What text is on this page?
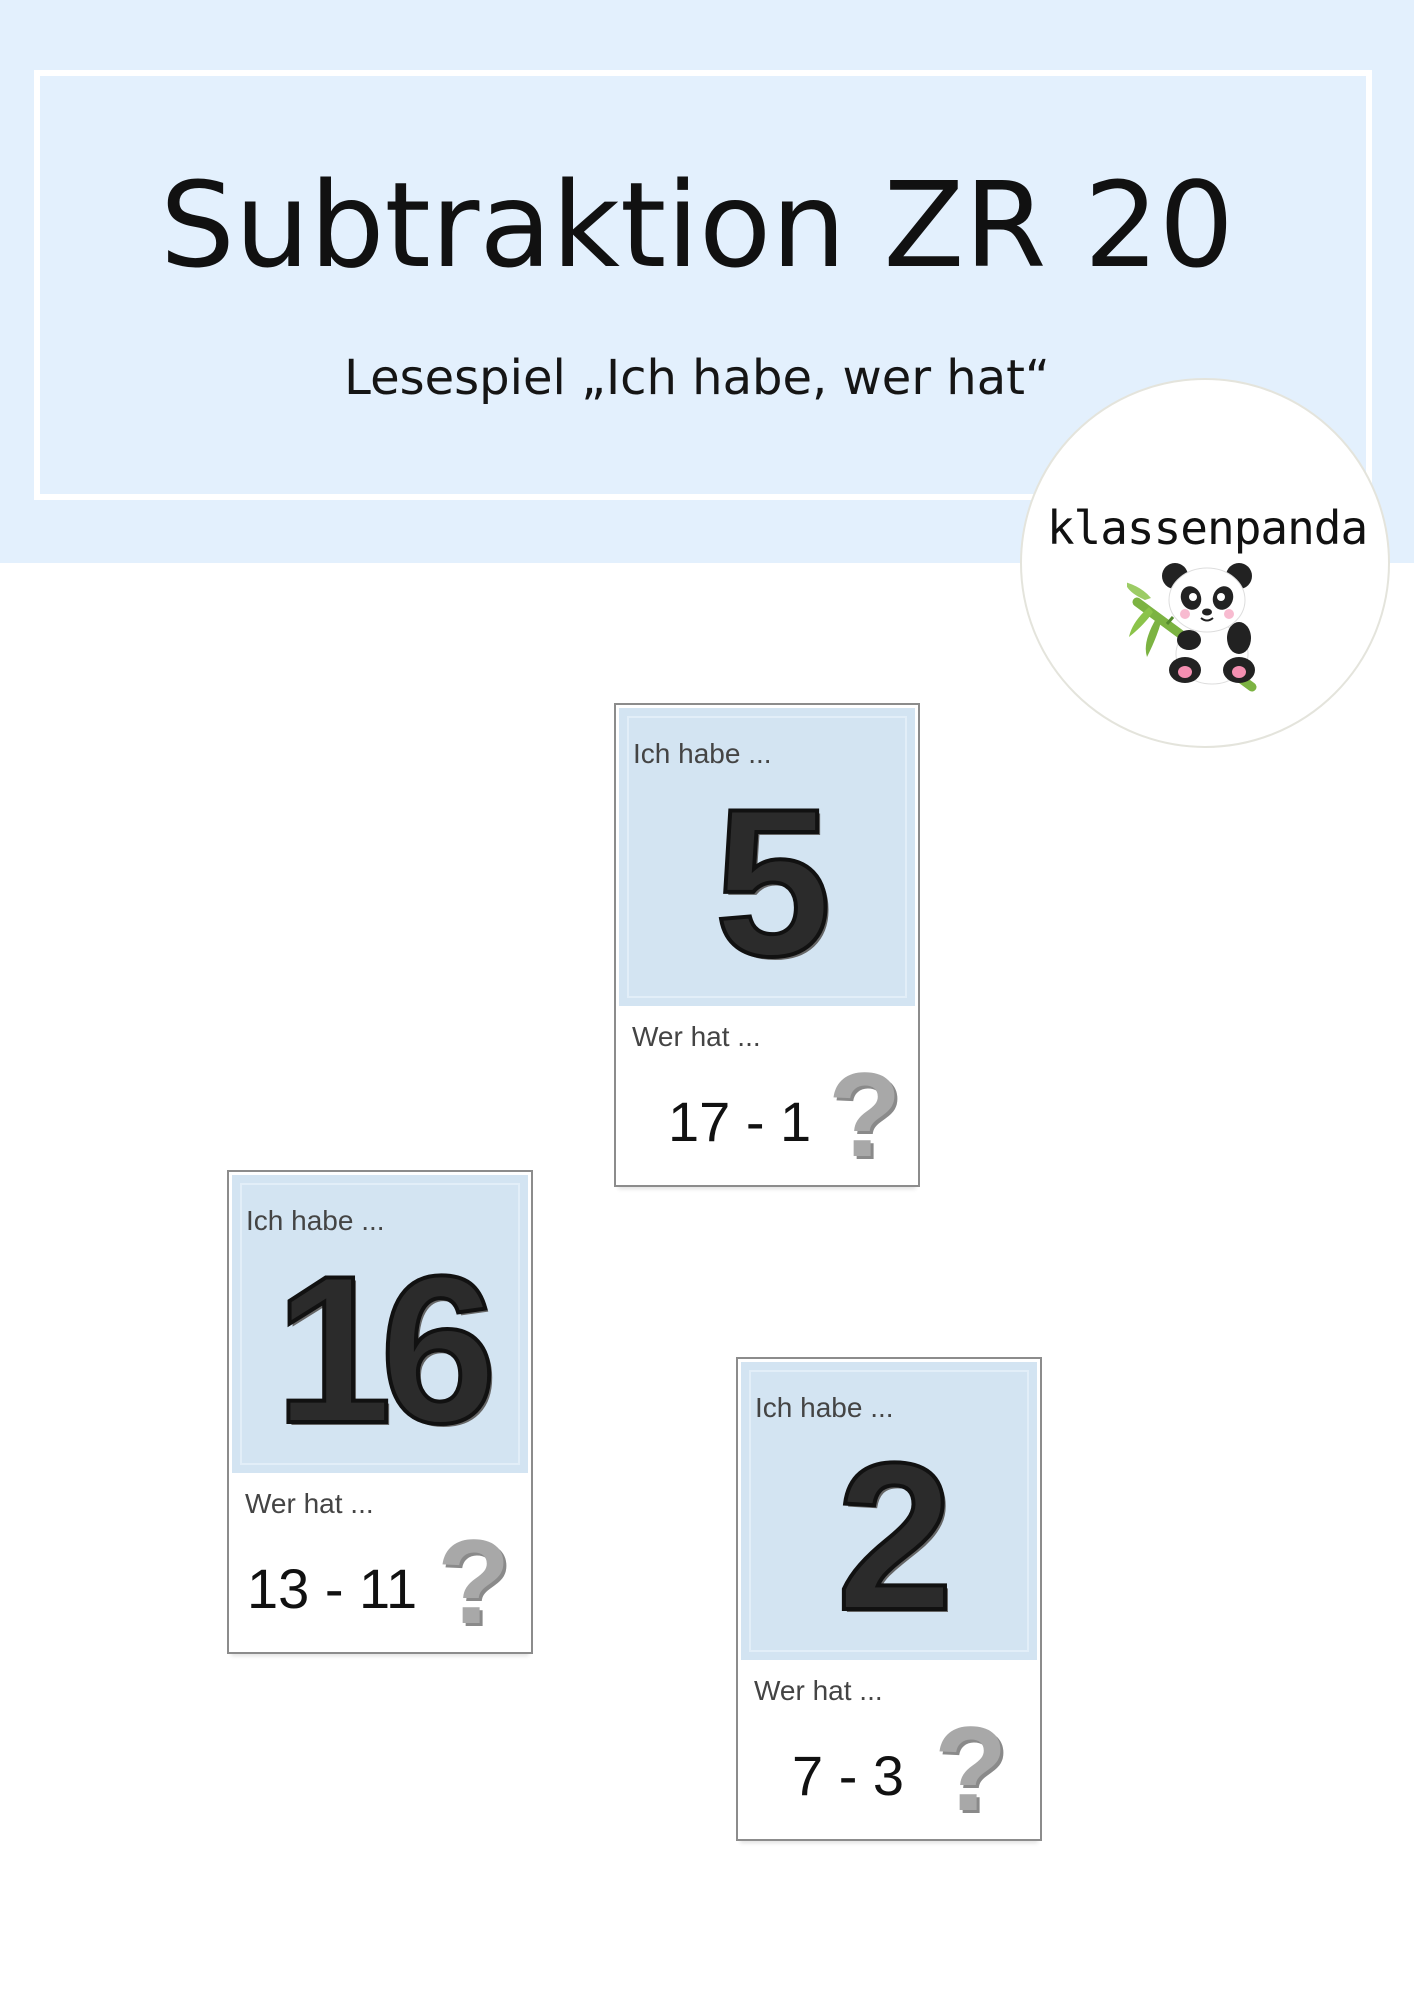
Subtraktion ZR 20
Lesespiel „Ich habe, wer hat“
klassenpanda
Ich habe ...
5
Wer hat ...
17 - 1 ?
Ich habe ...
16
Wer hat ...
13 - 11 ?
Ich habe ...
2
Wer hat ...
7 - 3 ?
